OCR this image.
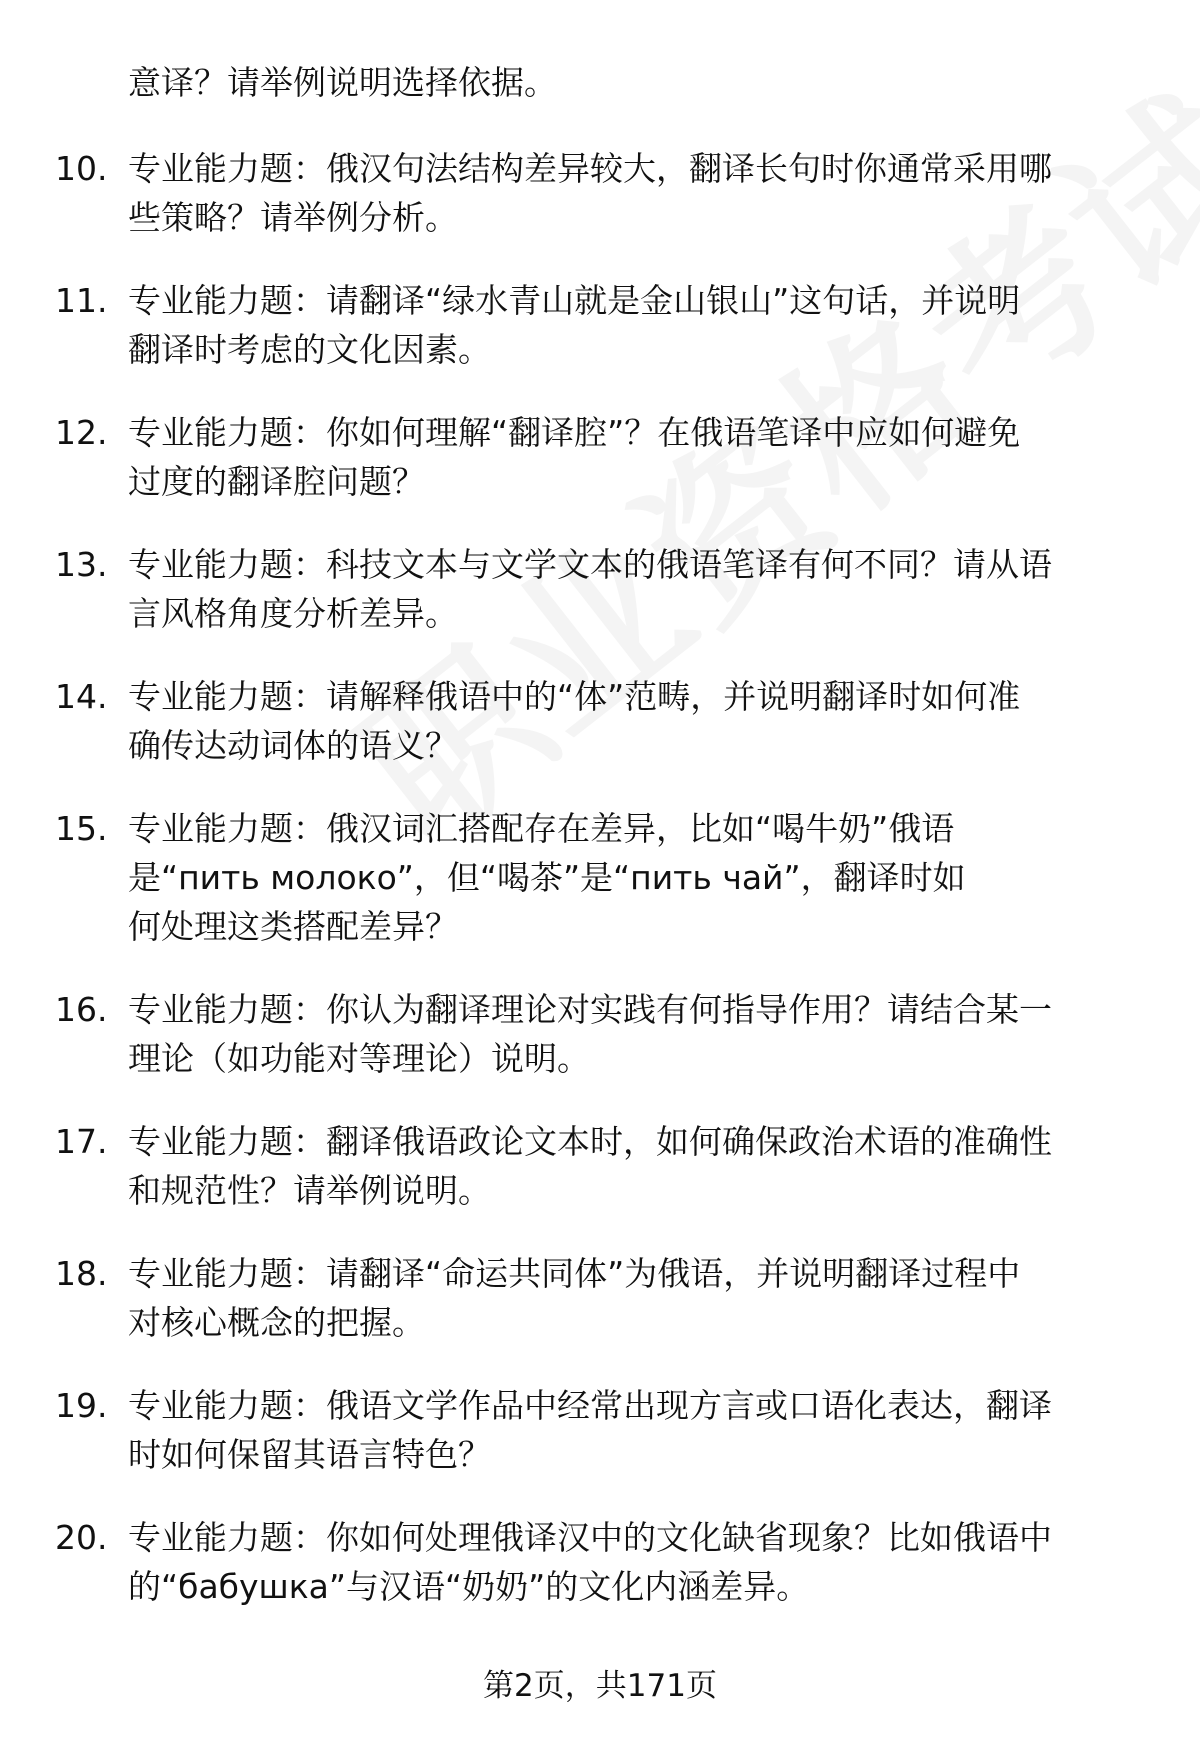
意译？请举例说明选择依据。
10. 专业能力题：俄汉句法结构差异较大，翻译长句时你通常采用哪
些策略？请举例分析。
11. 专业能力题：请翻译“绿水青山就是金山银山”这句话，并说明
翻译时考虑的文化因素。
12. 专业能力题：你如何理解“翻译腔”？在俄语笔译中应如何避免
过度的翻译腔问题？
13. 专业能力题：科技文本与文学文本的俄语笔译有何不同？请从语
言风格角度分析差异。
14. 专业能力题：请解释俄语中的“体”范畴，并说明翻译时如何准
确传达动词体的语义？
15. 专业能力题：俄汉词汇搭配存在差异，比如“喝牛奶”俄语
是“пить молоко”，但“喝茶”是“пить чай”，翻译时如
何处理这类搭配差异？
16. 专业能力题：你认为翻译理论对实践有何指导作用？请结合某一
理论（如功能对等理论）说明。
17. 专业能力题：翻译俄语政论文本时，如何确保政治术语的准确性
和规范性？请举例说明。
18. 专业能力题：请翻译“命运共同体”为俄语，并说明翻译过程中
对核心概念的把握。
19. 专业能力题：俄语文学作品中经常出现方言或口语化表达，翻译
时如何保留其语言特色？
20. 专业能力题：你如何处理俄译汉中的文化缺省现象？比如俄语中
的“бабушка”与汉语“奶奶”的文化内涵差异。
第2页，共171页
